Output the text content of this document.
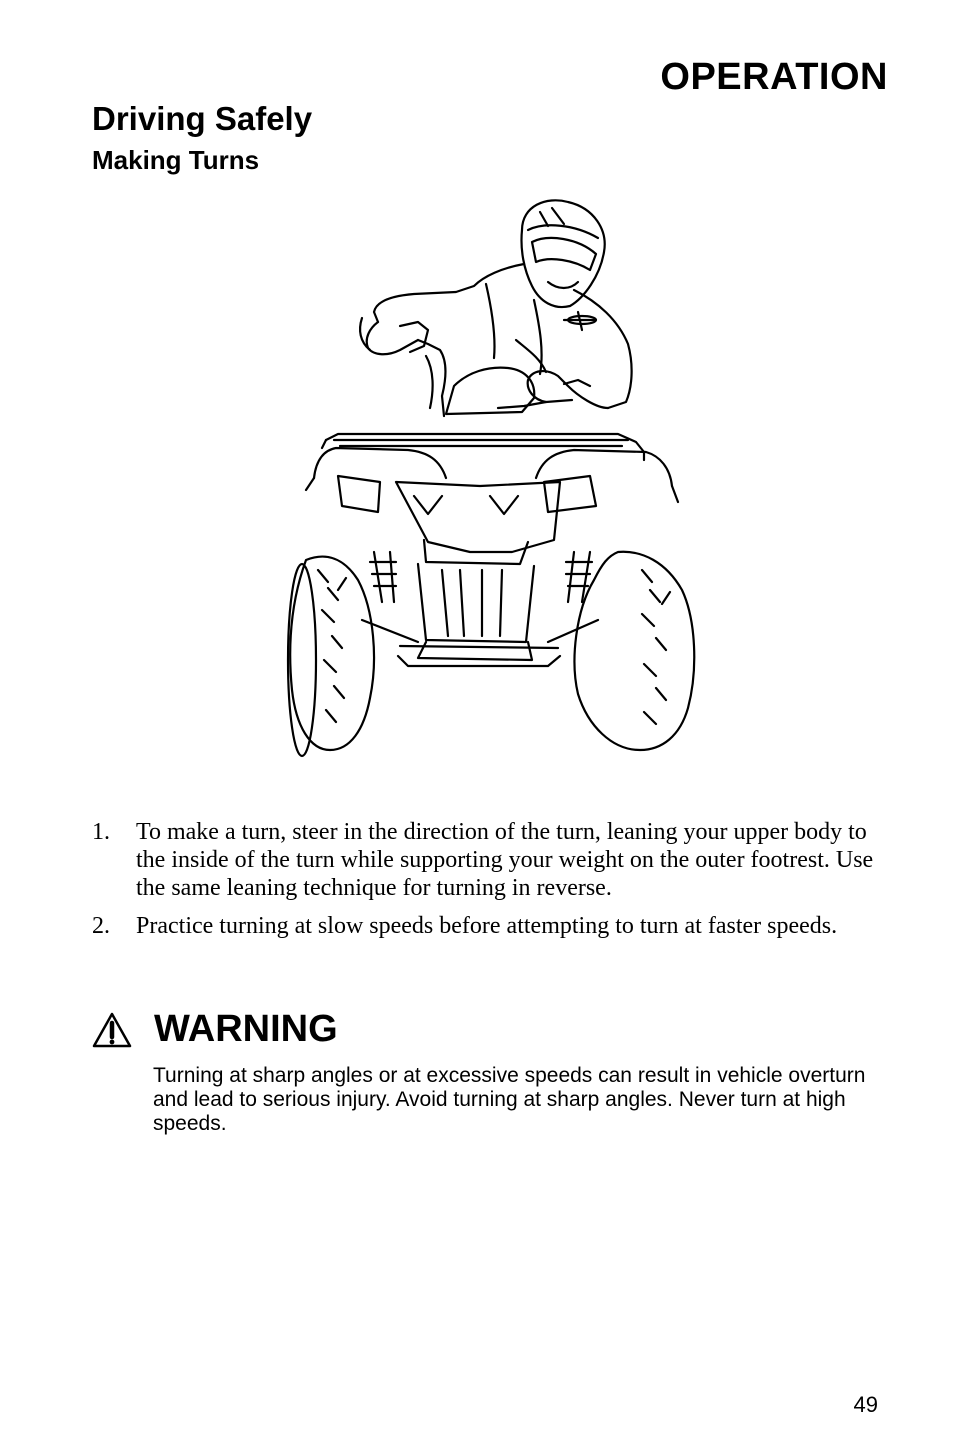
OPERATION
Driving Safely
Making Turns
1. To make a turn, steer in the direction of the turn, leaning your upper body to the inside of the turn while supporting your weight on the outer footrest. Use the same leaning technique for turning in reverse.
2. Practice turning at slow speeds before attempting to turn at faster speeds.
WARNING
Turning at sharp angles or at excessive speeds can result in vehicle overturn and lead to serious injury. Avoid turning at sharp angles. Never turn at high speeds.
49
